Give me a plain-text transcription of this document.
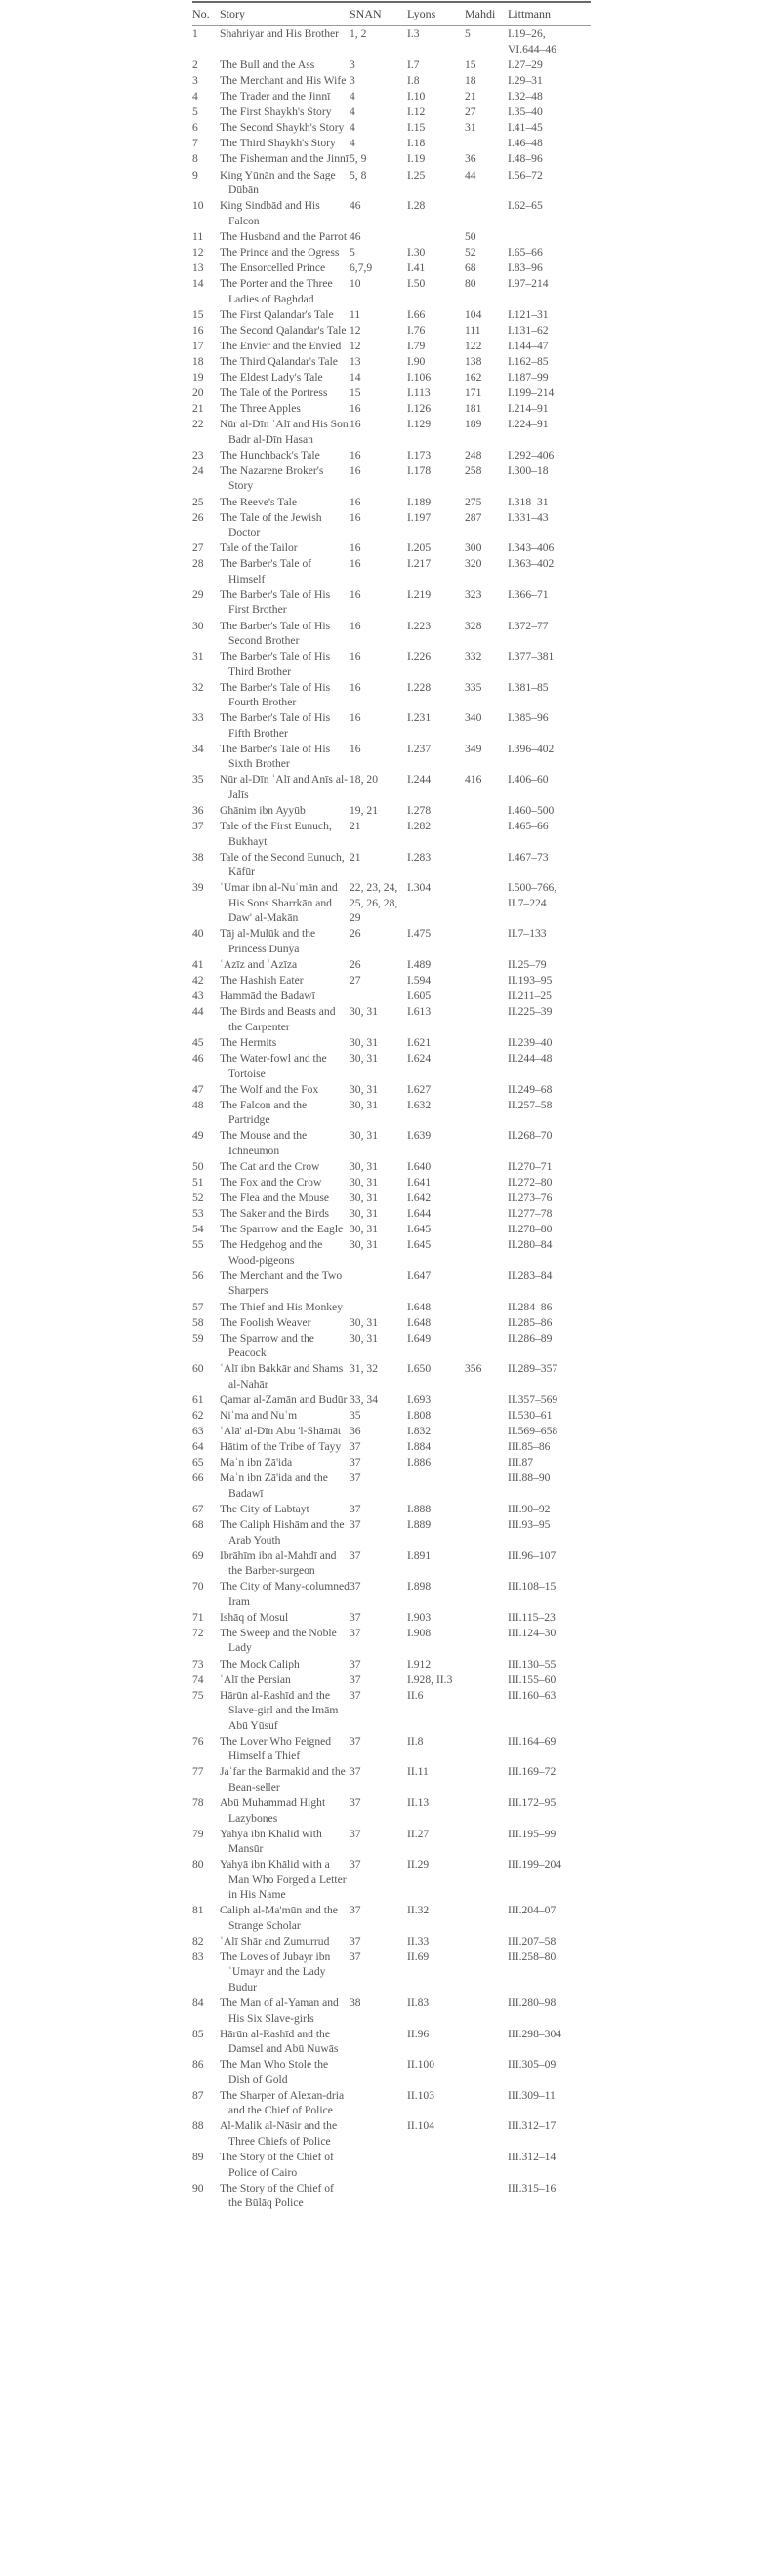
No.	Story	SNAN	Lyons	Mahdi	Littmann
1	Shahriyar and His Brother	1, 2	I.3	5	I.19–26,
VI.644–46

2	The Bull and the Ass	3	I.7	15	I.27–29

3	The Merchant and His Wife	3	I.8	18	I.29–31

4	The Trader and the Jinnī	4	I.10	21	I.32–48

5	The First Shaykh's Story	4	I.12	27	I.35–40

6	The Second Shaykh's Story	4	I.15	31	I.41–45

7	The Third Shaykh's Story	4	I.18		I.46–48

8	The Fisherman and the Jinnī	5, 9	I.19	36	I.48–96

9	King Yūnān and the Sage Dūbān	5, 8	I.25	44	I.56–72

10	King Sindbād and His Falcon	46	I.28		I.62–65

11	The Husband and the Parrot	46		50	
12	The Prince and the Ogress	5	I.30	52	I.65–66

13	The Ensorcelled Prince	6,7,9	I.41	68	I.83–96

14	The Porter and the Three Ladies of Baghdad	10	I.50	80	I.97–214

15	The First Qalandar's Tale	11	I.66	104	I.121–31

16	The Second Qalandar's Tale	12	I.76	111	I.131–62

17	The Envier and the Envied	12	I.79	122	I.144–47

18	The Third Qalandar's Tale	13	I.90	138	I.162–85

19	The Eldest Lady's Tale	14	I.106	162	I.187–99

20	The Tale of the Portress	15	I.113	171	I.199–214

21	The Three Apples	16	I.126	181	I.214–91

22	Nūr al-Dīn ʿAlī and His Son Badr al-Dīn Hasan	16	I.129	189	I.224–91

23	The Hunchback's Tale	16	I.173	248	I.292–406

24	The Nazarene Broker's Story	16	I.178	258	I.300–18

25	The Reeve's Tale	16	I.189	275	I.318–31

26	The Tale of the Jewish Doctor	16	I.197	287	I.331–43

27	Tale of the Tailor	16	I.205	300	I.343–406

28	The Barber's Tale of Himself	16	I.217	320	I.363–402

29	The Barber's Tale of His First Brother	16	I.219	323	I.366–71

30	The Barber's Tale of His Second Brother	16	I.223	328	I.372–77

31	The Barber's Tale of His Third Brother	16	I.226	332	I.377–381

32	The Barber's Tale of His Fourth Brother	16	I.228	335	I.381–85

33	The Barber's Tale of His Fifth Brother	16	I.231	340	I.385–96

34	The Barber's Tale of His Sixth Brother	16	I.237	349	I.396–402

35	Nūr al-Dīn ʿAlī and Anīs al-Jalīs	18, 20	I.244	416	I.406–60

36	Ghānim ibn Ayyūb	19, 21	I.278		I.460–500

37	Tale of the First Eunuch, Bukhayt	21	I.282		I.465–66

38	Tale of the Second Eunuch, Kāfūr	21	I.283		I.467–73

39	ʿUmar ibn al-Nuʿmān and His Sons Sharrkān and Daw' al-Makān	22, 23, 24, 25, 26, 28, 29	I.304		I.500–766,
II.7–224

40	Tāj al-Mulūk and the Princess Dunyā	26	I.475		II.7–133

41	ʿAzīz and ʿAzīza	26	I.489		II.25–79

42	The Hashish Eater	27	I.594		II.193–95

43	Hammād the Badawī		I.605		II.211–25

44	The Birds and Beasts and the Carpenter	30, 31	I.613		II.225–39

45	The Hermits	30, 31	I.621		II.239–40

46	The Water-fowl and the Tortoise	30, 31	I.624		II.244–48

47	The Wolf and the Fox	30, 31	I.627		II.249–68

48	The Falcon and the Partridge	30, 31	I.632		II.257–58

49	The Mouse and the Ichneumon	30, 31	I.639		II.268–70

50	The Cat and the Crow	30, 31	I.640		II.270–71

51	The Fox and the Crow	30, 31	I.641		II.272–80

52	The Flea and the Mouse	30, 31	I.642		II.273–76

53	The Saker and the Birds	30, 31	I.644		II.277–78

54	The Sparrow and the Eagle	30, 31	I.645		II.278–80

55	The Hedgehog and the Wood-pigeons	30, 31	I.645		II.280–84

56	The Merchant and the Two Sharpers		I.647		II.283–84

57	The Thief and His Monkey		I.648		II.284–86

58	The Foolish Weaver	30, 31	I.648		II.285–86

59	The Sparrow and the Peacock	30, 31	I.649		II.286–89

60	ʿAlī ibn Bakkār and Shams al-Nahār	31, 32	I.650	356	II.289–357

61	Qamar al-Zamān and Budūr	33, 34	I.693		II.357–569

62	Niʿma and Nuʿm	35	I.808		II.530–61

63	ʿAlā' al-Dīn Abu 'l-Shāmāt	36	I.832		II.569–658

64	Hātim of the Tribe of Tayy	37	I.884		III.85–86

65	Maʿn ibn Zā'ida	37	I.886		III.87

66	Maʿn ibn Zā'ida and the Badawī	37			III.88–90

67	The City of Labtayt	37	I.888		III.90–92

68	The Caliph Hishām and the Arab Youth	37	I.889		III.93–95

69	Ibrāhīm ibn al-Mahdī and the Barber-surgeon	37	I.891		III.96–107

70	The City of Many-columned Iram	37	I.898		III.108–15

71	Ishāq of Mosul	37	I.903		III.115–23

72	The Sweep and the Noble Lady	37	I.908		III.124–30

73	The Mock Caliph	37	I.912		III.130–55

74	ʿAlī the Persian	37	I.928, II.3		III.155–60

75	Hārūn al-Rashīd and the Slave-girl and the Imām Abū Yūsuf	37	II.6		III.160–63

76	The Lover Who Feigned Himself a Thief	37	II.8		III.164–69

77	Jaʿfar the Barmakid and the Bean-seller	37	II.11		III.169–72

78	Abū Muhammad Hight Lazybones	37	II.13		III.172–95

79	Yahyā ibn Khālid with Mansūr	37	II.27		III.195–99

80	Yahyā ibn Khālid with a Man Who Forged a Letter in His Name	37	II.29		III.199–204

81	Caliph al-Ma'mūn and the Strange Scholar	37	II.32		III.204–07

82	ʿAlī Shār and Zumurrud	37	II.33		III.207–58

83	The Loves of Jubayr ibn ʿUmayr and the Lady Budur	37	II.69		III.258–80

84	The Man of al-Yaman and His Six Slave-girls	38	II.83		III.280–98

85	Hārūn al-Rashīd and the Damsel and Abū Nuwās		II.96		III.298–304

86	The Man Who Stole the Dish of Gold		II.100		III.305–09

87	The Sharper of Alexan-dria and the Chief of Police		II.103		III.309–11

88	Al-Malik al-Nāsir and the Three Chiefs of Police		II.104		III.312–17

89	The Story of the Chief of Police of Cairo				III.312–14

90	The Story of the Chief of the Būlāq Police				III.315–16
